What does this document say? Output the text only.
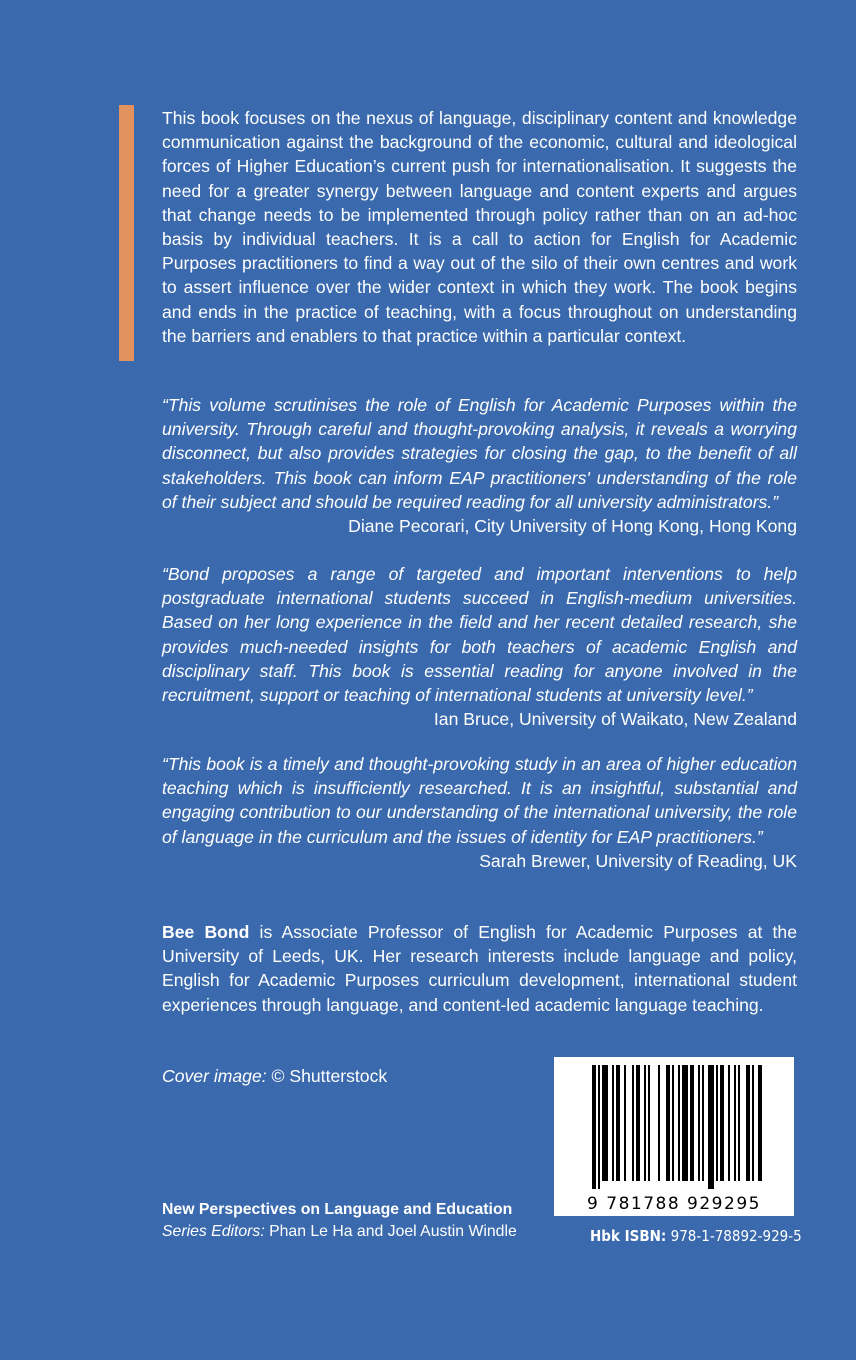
This book focuses on the nexus of language, disciplinary content and knowledge communication against the background of the economic, cultural and ideological forces of Higher Education’s current push for internationalisation. It suggests the need for a greater synergy between language and content experts and argues that change needs to be implemented through policy rather than on an ad-hoc basis by individual teachers. It is a call to action for English for Academic Purposes practitioners to find a way out of the silo of their own centres and work to assert influence over the wider context in which they work. The book begins and ends in the practice of teaching, with a focus throughout on understanding the barriers and enablers to that practice within a particular context.

“This volume scrutinises the role of English for Academic Purposes within the university. Through careful and thought-provoking analysis, it reveals a worrying disconnect, but also provides strategies for closing the gap, to the benefit of all stakeholders. This book can inform EAP practitioners' understanding of the role of their subject and should be required reading for all university administrators.”

Diane Pecorari, City University of Hong Kong, Hong Kong

“Bond proposes a range of targeted and important interventions to help postgraduate international students succeed in English-medium universities. Based on her long experience in the field and her recent detailed research, she provides much-needed insights for both teachers of academic English and disciplinary staff. This book is essential reading for anyone involved in the recruitment, support or teaching of international students at university level.”

Ian Bruce, University of Waikato, New Zealand

“This book is a timely and thought-provoking study in an area of higher education teaching which is insufficiently researched. It is an insightful, substantial and engaging contribution to our understanding of the international university, the role of language in the curriculum and the issues of identity for EAP practitioners.”

Sarah Brewer, University of Reading, UK

Bee Bond is Associate Professor of English for Academic Purposes at the University of Leeds, UK. Her research interests include language and policy, English for Academic Purposes curriculum development, international student experiences through language, and content-led academic language teaching.

Cover image: © Shutterstock

9 781788 929295

Hbk ISBN: 978-1-78892-929-5

New Perspectives on Language and Education
Series Editors: Phan Le Ha and Joel Austin Windle
